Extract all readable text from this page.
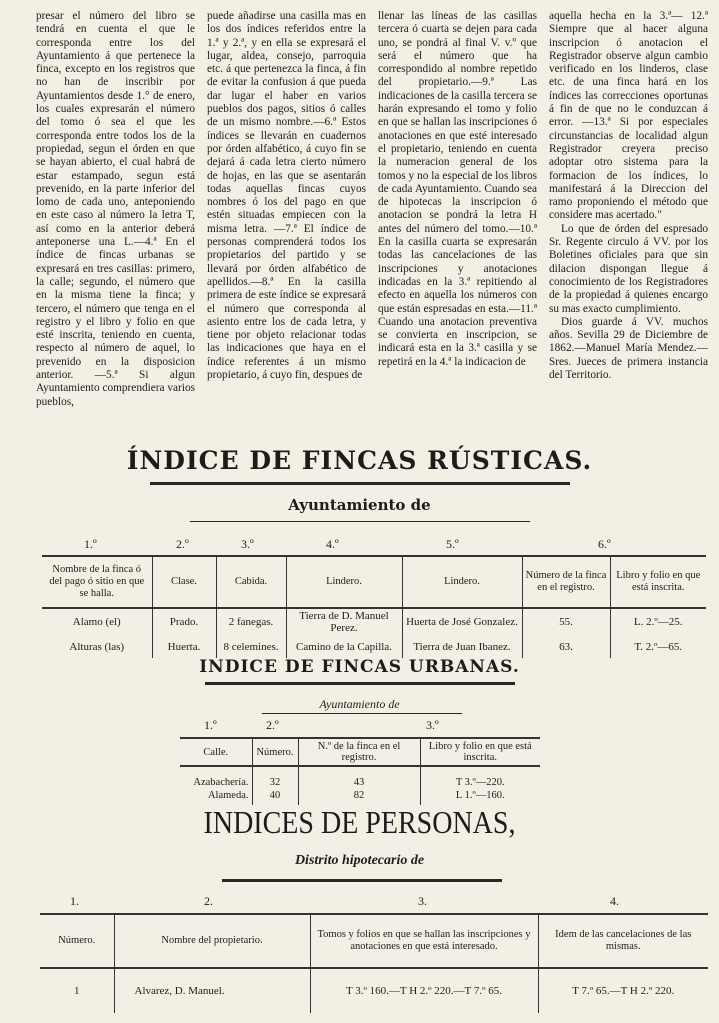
presar el número del libro se tendrá en cuenta el que le corresponda entre los del Ayuntamiento á que pertenece la finca, excepto en los registros que no han de inscribir por Ayuntamientos desde 1.° de enero, los cuales expresarán el número del tomo ó sea el que les corresponda entre todos los de la propiedad, segun el órden en que se hayan abierto, el cual habrá de estar estampado, segun está prevenido, en la parte inferior del lomo de cada uno, anteponiendo en este caso al número la letra T, así como en la anterior deberá anteponerse una L.—4.ª En el índice de fincas urbanas se expresará en tres casillas: primero, la calle; segundo, el número que en la misma tiene la finca; y tercero, el número que tenga en el registro y el libro y folio en que esté inscrita, teniendo en cuenta, respecto al número de aquel, lo prevenido en la disposicion anterior. —5.ª Si algun Ayuntamiento comprendiera varios pueblos,

puede añadirse una casilla mas en los dos índices referidos entre la 1.ª y 2.ª, y en ella se expresará el lugar, aldea, consejo, parroquia etc. á que pertenezca la finca, á fin de evitar la confusion á que pueda dar lugar el haber en varios pueblos dos pagos, sitios ó calles de un mismo nombre.—6.ª Estos índices se llevarán en cuadernos por órden alfabético, á cuyo fin se dejará á cada letra cierto número de hojas, en las que se asentarán todas aquellas fincas cuyos nombres ó los del pago en que estén situadas empiecen con la misma letra. —7.ª El índice de personas comprenderá todos los propietarios del partido y se llevará por órden alfabético de apellidos.—8.ª En la casilla primera de este índice se expresará el número que corresponda al asiento entre los de cada letra, y tiene por objeto relacionar todas las indicaciones que haya en el índice referentes á un mismo propietario, á cuyo fin, despues de

llenar las líneas de las casillas tercera ó cuarta se dejen para cada uno, se pondrá al final V. v.º que será el número que ha correspondido al nombre repetido del propietario.—9.ª Las indicaciones de la casilla tercera se harán expresando el tomo y folio en que se hallan las inscripciones ó anotaciones en que esté interesado el propietario, teniendo en cuenta la numeracion general de los tomos y no la especial de los libros de cada Ayuntamiento. Cuando sea de hipotecas la inscripcion ó anotacion se pondrá la letra H antes del número del tomo.—10.ª En la casilla cuarta se expresarán todas las cancelaciones de las inscripciones y anotaciones indicadas en la 3.ª repitiendo al efecto en aquella los números con que están espresadas en esta.—11.ª Cuando una anotacion preventiva se convierta en inscripcion, se indicará esta en la 3.ª casilla y se repetirá en la 4.ª la indicacion de

aquella hecha en la 3.ª— 12.ª Siempre que al hacer alguna inscripcion ó anotacion el Registrador observe algun cambio verificado en los linderos, clase etc. de una finca hará en los índices las correcciones oportunas á fin de que no le conduzcan á error. —13.ª Si por especiales circunstancias de localidad algun Registrador creyera preciso adoptar otro sistema para la formacion de los índices, lo manifestará á la Direccion del ramo proponiendo el método que considere mas acertado."

Lo que de órden del espresado Sr. Regente circulo á VV. por los Boletines oficiales para que sin dilacion dispongan llegue á conocimiento de los Registradores de la propiedad á quienes encargo su mas exacto cumplimiento.

Dios guarde á VV. muchos años. Sevilla 29 de Diciembre de 1862.—Manuel María Mendez.—Sres. Jueces de primera instancia del Territorio.

ÍNDICE DE FINCAS RÚSTICAS.
Ayuntamiento de
1.º	2.º	3.º	4.º	5.º	6.º
Nombre de la finca ó del pago ó sitio en que se halla.	Clase.	Cabida.	Lindero.	Lindero.	Número de la finca en el registro.	Libro y folio en que está inscrita.
Alamo (el)	Prado.	2 fanegas.	Tierra de D. Manuel Perez.	Huerta de José Gonzalez.	55.	L. 2.º—25.
Alturas (las)	Huerta.	8 celemines.	Camino de la Capilla.	Tierra de Juan Ibanez.	63.	T. 2.º—65.
INDICE DE FINCAS URBANAS.
Ayuntamiento de
1.º	2.º	3.º
Calle.	Número.	N.º de la finca en el registro.	Libro y folio en que está inscrita.
Azabachería.	32	43	T 3.º—220.
Alameda.	40	82	L 1.º—160.
INDICES DE PERSONAS,
Distrito hipotecario de
1.	2.	3.	4.
Número.	Nombre del propietario.	Tomos y folios en que se hallan las inscripciones y anotaciones en que está interesado.	Idem de las cancelaciones de las mismas.
1	Alvarez, D. Manuel.	T 3.º 160.—T H 2.º 220.—T 7.º 65.	T 7.º 65.—T H 2.º 220.
